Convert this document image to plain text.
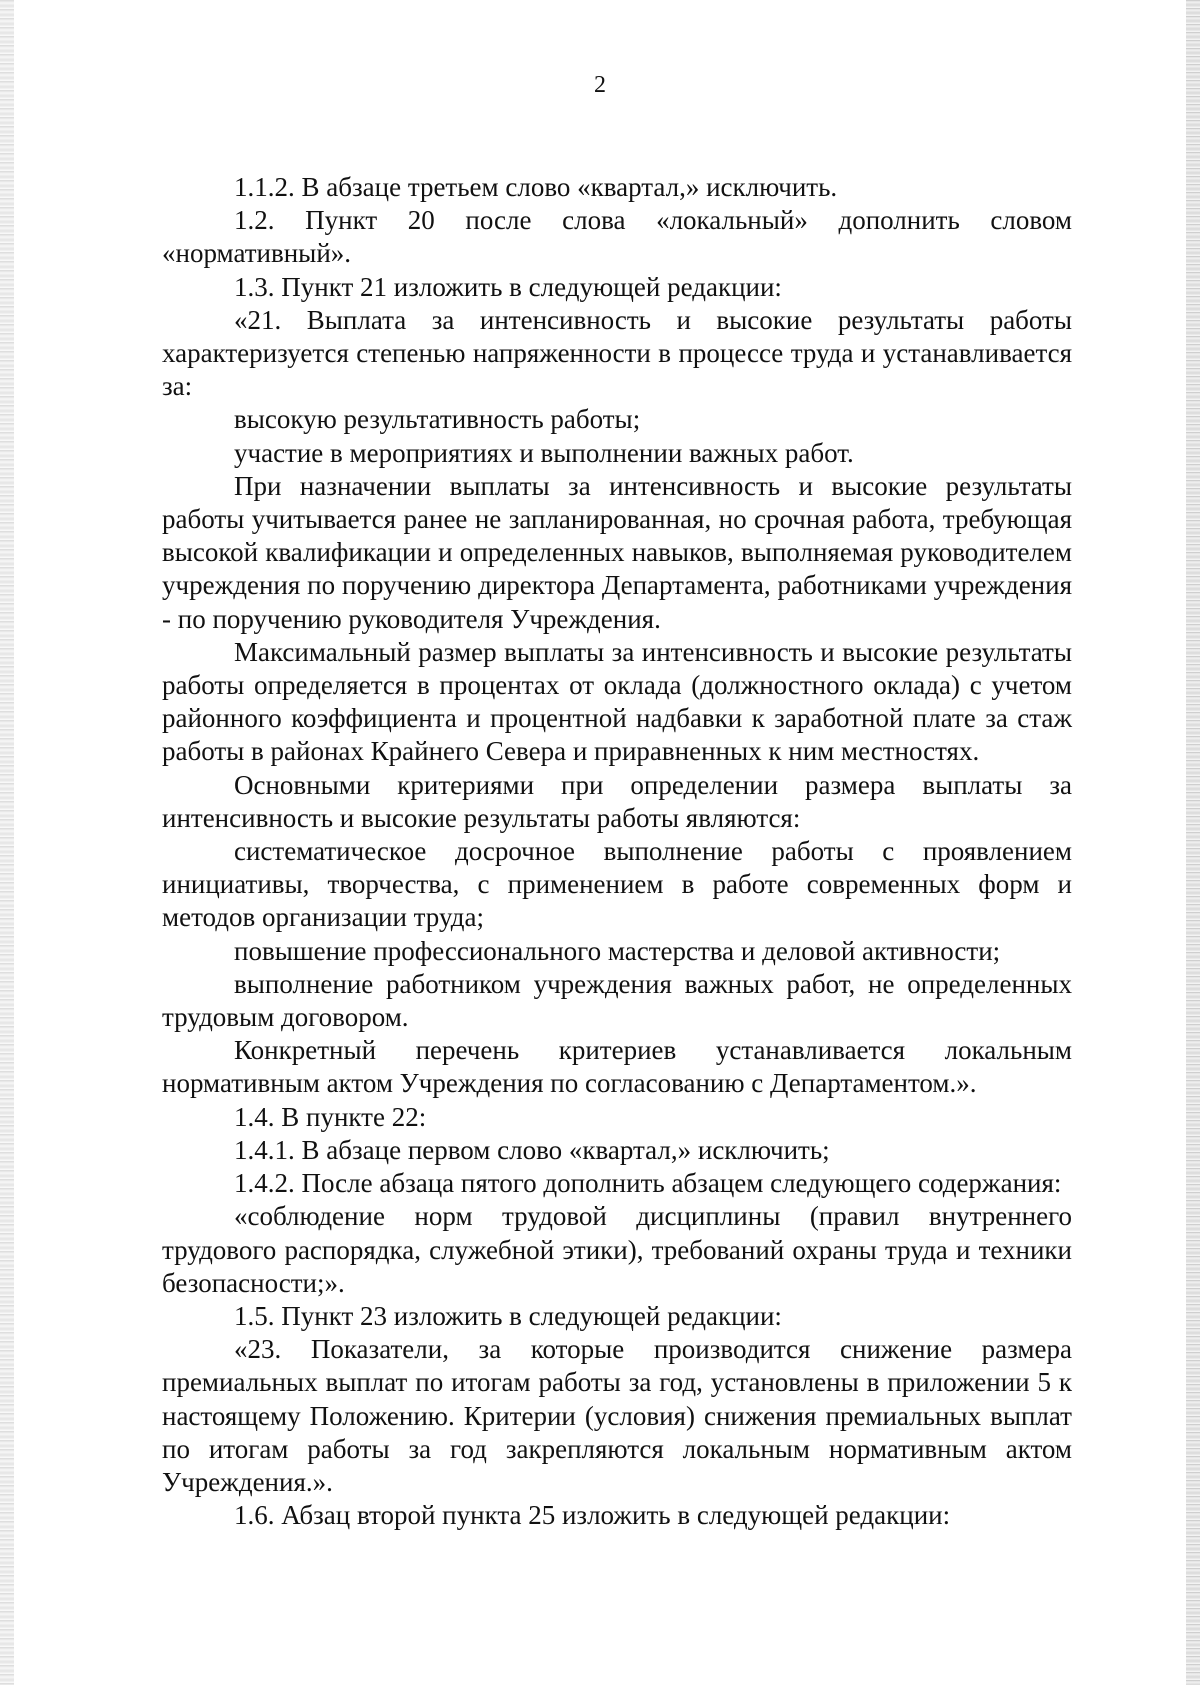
2

1.1.2. В абзаце третьем слово «квартал,» исключить.

1.2. Пункт 20 после слова «локальный» дополнить словом «нормативный».

1.3. Пункт 21 изложить в следующей редакции:

«21. Выплата за интенсивность и высокие результаты работы характеризуется степенью напряженности в процессе труда и устанавливается за:

высокую результативность работы;

участие в мероприятиях и выполнении важных работ.

При назначении выплаты за интенсивность и высокие результаты работы учитывается ранее не запланированная, но срочная работа, требующая высокой квалификации и определенных навыков, выполняемая руководителем учреждения по поручению директора Департамента, работниками учреждения - по поручению руководителя Учреждения.

Максимальный размер выплаты за интенсивность и высокие результаты работы определяется в процентах от оклада (должностного оклада) с учетом районного коэффициента и процентной надбавки к заработной плате за стаж работы в районах Крайнего Севера и приравненных к ним местностях.

Основными критериями при определении размера выплаты за интенсивность и высокие результаты работы являются:

систематическое досрочное выполнение работы с проявлением инициативы, творчества, с применением в работе современных форм и методов организации труда;

повышение профессионального мастерства и деловой активности;

выполнение работником учреждения важных работ, не определенных трудовым договором.

Конкретный перечень критериев устанавливается локальным нормативным актом Учреждения по согласованию с Департаментом.».

1.4. В пункте 22:

1.4.1. В абзаце первом слово «квартал,» исключить;

1.4.2. После абзаца пятого дополнить абзацем следующего содержания:

«соблюдение норм трудовой дисциплины (правил внутреннего трудового распорядка, служебной этики), требований охраны труда и техники безопасности;».

1.5. Пункт 23 изложить в следующей редакции:

«23. Показатели, за которые производится снижение размера премиальных выплат по итогам работы за год, установлены в приложении 5 к настоящему Положению. Критерии (условия) снижения премиальных выплат по итогам работы за год закрепляются локальным нормативным актом Учреждения.».

1.6. Абзац второй пункта 25 изложить в следующей редакции:
